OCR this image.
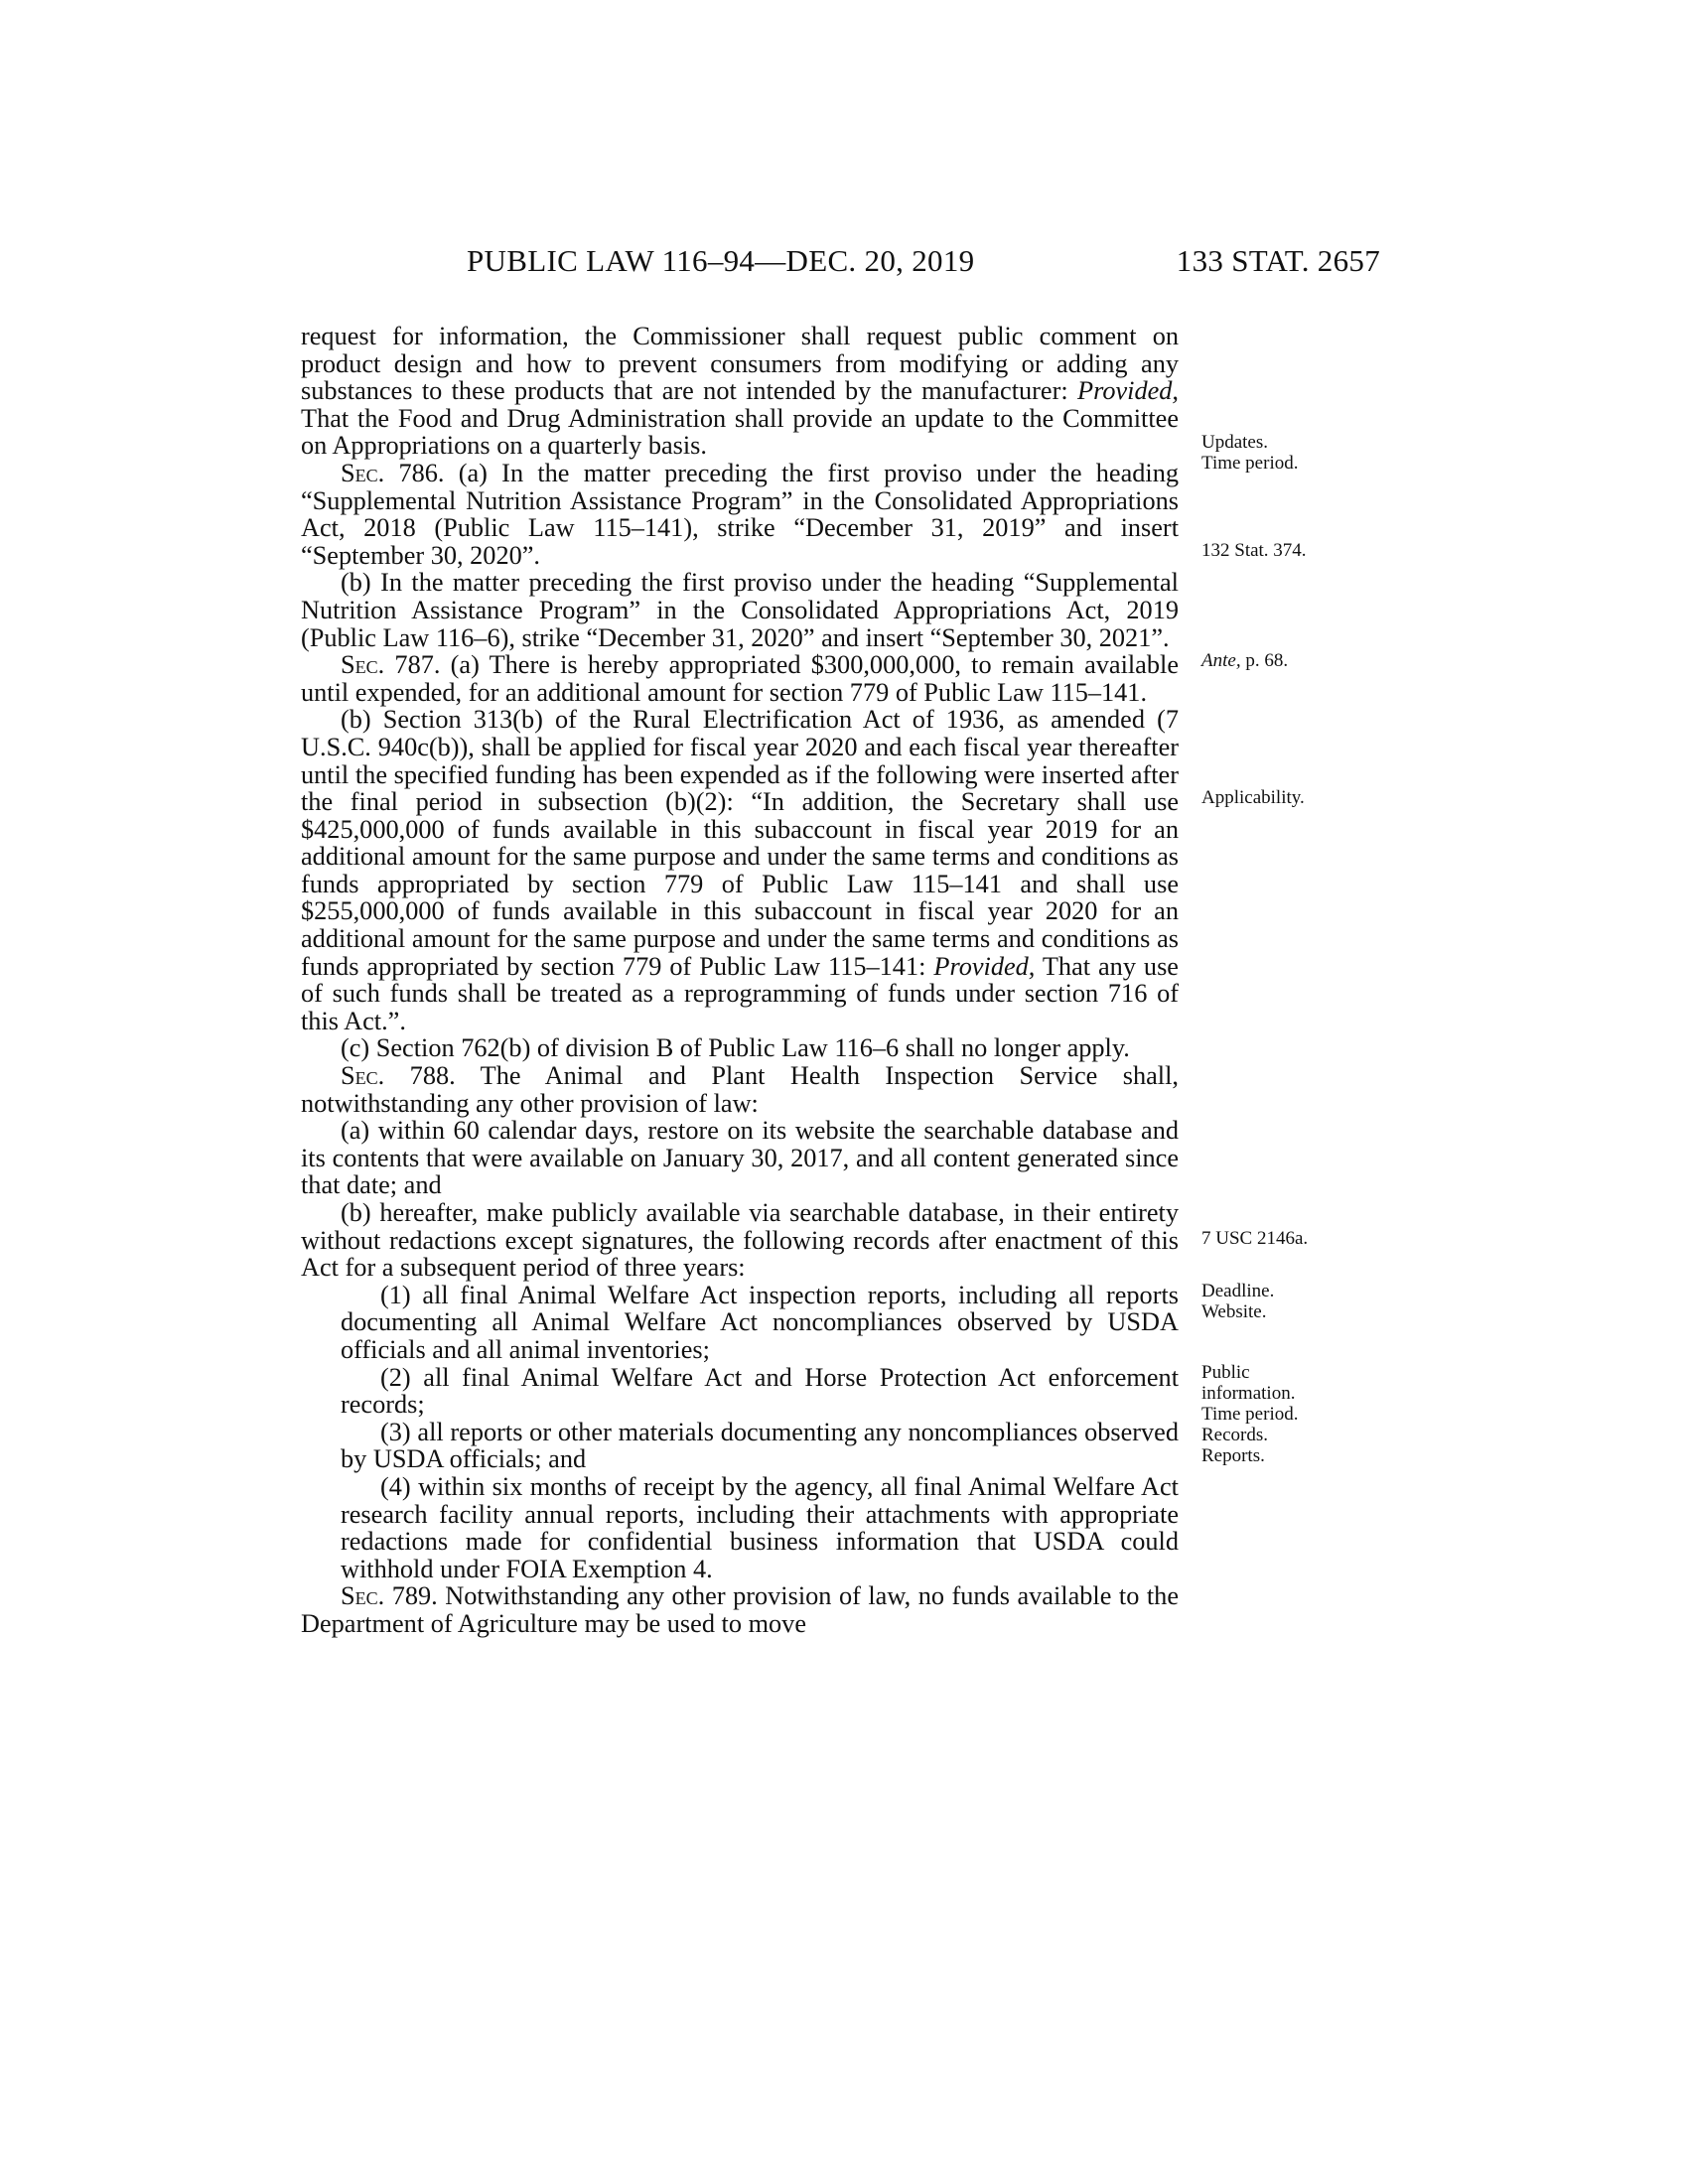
PUBLIC LAW 116–94—DEC. 20, 2019	133 STAT. 2657

request for information, the Commissioner shall request public comment on product design and how to prevent consumers from modifying or adding any substances to these products that are not intended by the manufacturer: Provided, That the Food and Drug Administration shall provide an update to the Committee on Appropriations on a quarterly basis.

Sec. 786. (a) In the matter preceding the first proviso under the heading “Supplemental Nutrition Assistance Program” in the Consolidated Appropriations Act, 2018 (Public Law 115–141), strike “December 31, 2019” and insert “September 30, 2020”.

(b) In the matter preceding the first proviso under the heading “Supplemental Nutrition Assistance Program” in the Consolidated Appropriations Act, 2019 (Public Law 116–6), strike “December 31, 2020” and insert “September 30, 2021”.

Sec. 787. (a) There is hereby appropriated $300,000,000, to remain available until expended, for an additional amount for section 779 of Public Law 115–141.

(b) Section 313(b) of the Rural Electrification Act of 1936, as amended (7 U.S.C. 940c(b)), shall be applied for fiscal year 2020 and each fiscal year thereafter until the specified funding has been expended as if the following were inserted after the final period in subsection (b)(2): “In addition, the Secretary shall use $425,000,000 of funds available in this subaccount in fiscal year 2019 for an additional amount for the same purpose and under the same terms and conditions as funds appropriated by section 779 of Public Law 115–141 and shall use $255,000,000 of funds available in this subaccount in fiscal year 2020 for an additional amount for the same purpose and under the same terms and conditions as funds appropriated by section 779 of Public Law 115–141: Provided, That any use of such funds shall be treated as a reprogramming of funds under section 716 of this Act.”.

(c) Section 762(b) of division B of Public Law 116–6 shall no longer apply.

Sec. 788. The Animal and Plant Health Inspection Service shall, notwithstanding any other provision of law:

(a) within 60 calendar days, restore on its website the searchable database and its contents that were available on January 30, 2017, and all content generated since that date; and

(b) hereafter, make publicly available via searchable database, in their entirety without redactions except signatures, the following records after enactment of this Act for a subsequent period of three years:

(1) all final Animal Welfare Act inspection reports, including all reports documenting all Animal Welfare Act noncompliances observed by USDA officials and all animal inventories;

(2) all final Animal Welfare Act and Horse Protection Act enforcement records;

(3) all reports or other materials documenting any noncompliances observed by USDA officials; and

(4) within six months of receipt by the agency, all final Animal Welfare Act research facility annual reports, including their attachments with appropriate redactions made for confidential business information that USDA could withhold under FOIA Exemption 4.

Sec. 789. Notwithstanding any other provision of law, no funds available to the Department of Agriculture may be used to move

Updates.
Time period.
132 Stat. 374.
Ante, p. 68.
Applicability.
7 USC 2146a.
Deadline.
Website.
Public
information.
Time period.
Records.
Reports.
